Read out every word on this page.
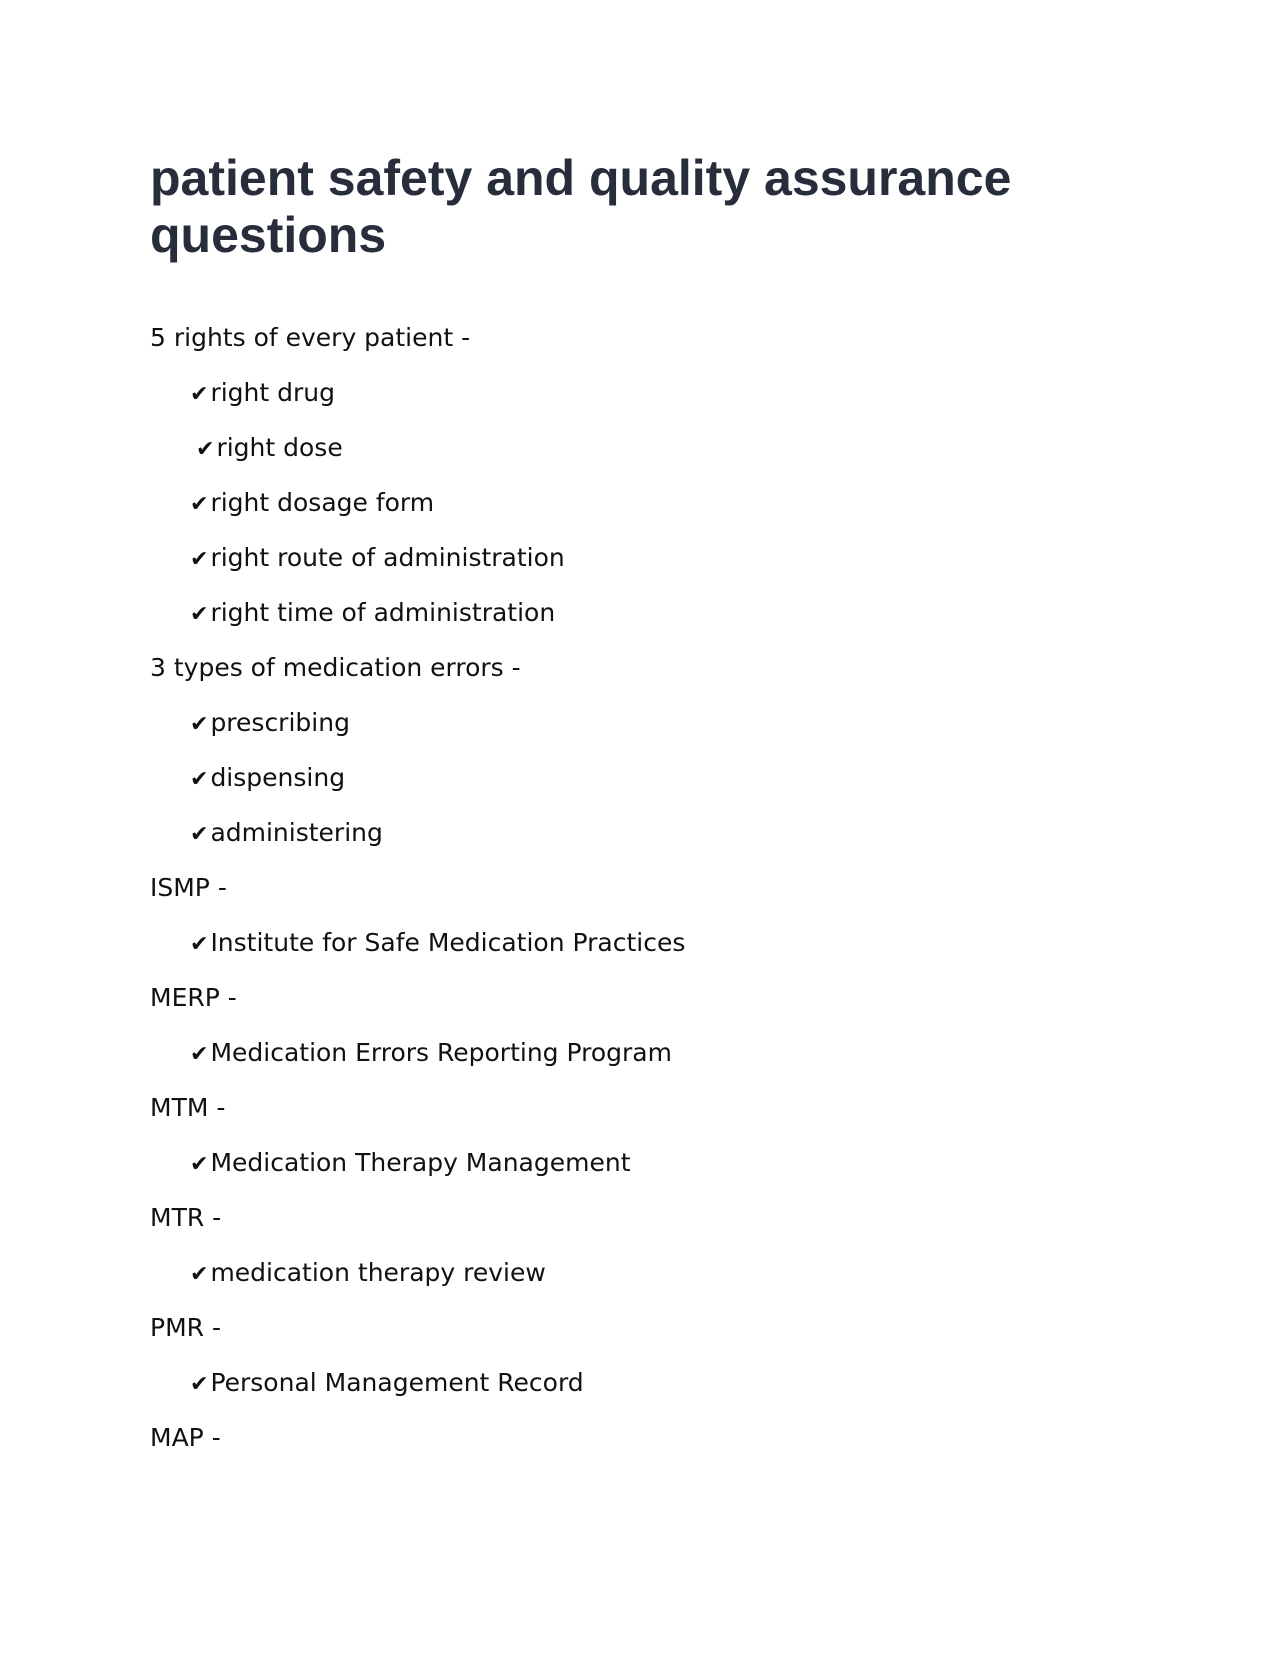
patient safety and quality assurance questions
5 rights of every patient -
✔right drug
✔right dose
✔right dosage form
✔right route of administration
✔right time of administration
3 types of medication errors -
✔prescribing
✔dispensing
✔administering
ISMP -
✔Institute for Safe Medication Practices
MERP -
✔Medication Errors Reporting Program
MTM -
✔Medication Therapy Management
MTR -
✔medication therapy review
PMR -
✔Personal Management Record
MAP -
